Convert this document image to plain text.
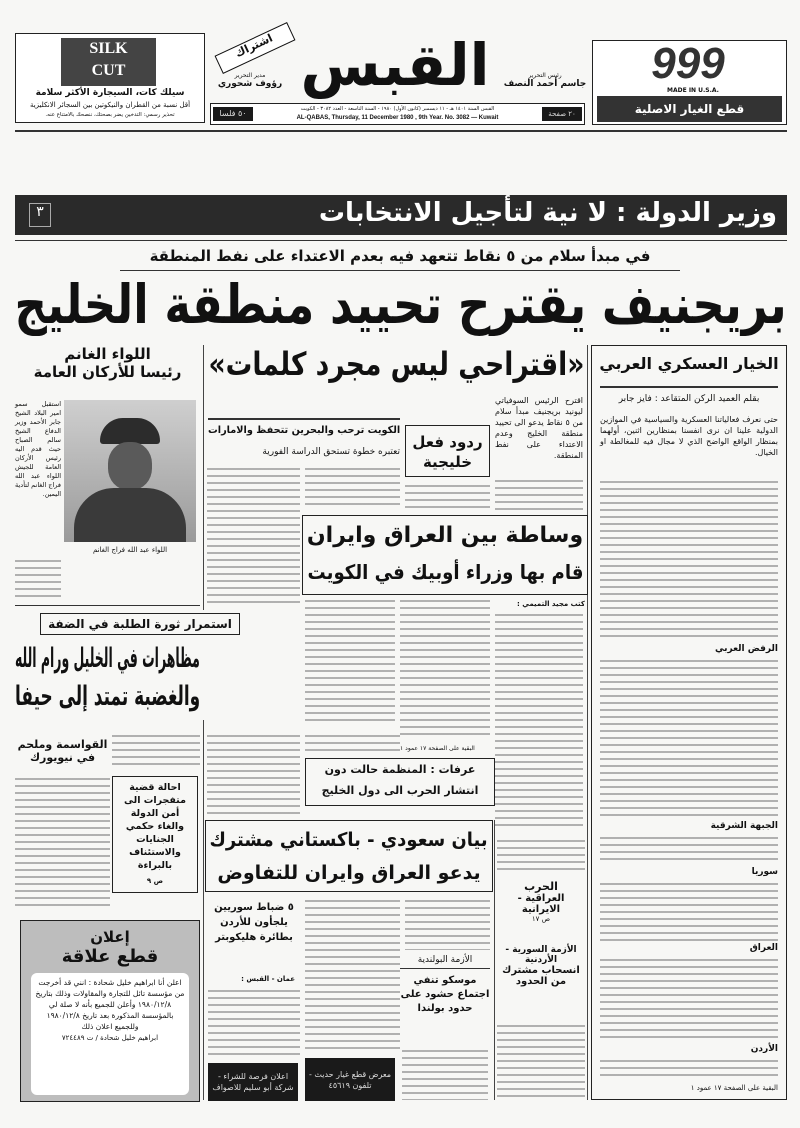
SILK
CUT
سيلك كات، السيجارة الأكثر سلامة
أقل نسبة من القطران والنيكوتين بين السجائر الانكليزية
تحذير رسمي: التدخين يضر بصحتك، ننصحك بالامتناع عنه.
اشتراك القبس
مدير التحرير
رؤوف شحوري
رئيس التحرير
جاسم أحمد النصف
٥٠ فلسا	٢٠ صفحة
القبس السنة ١٤٠١ هـ - ١١ ديسمبر (كانون الأول) ١٩٨٠ - السنة التاسعة - العدد ٣٠٨٢ - الكويت
AL-QABAS, Thursday, 11 December 1980 , 9th Year. No. 3082 — Kuwait
999
MADE IN U.S.A.
قطع الغيار الاصلية
وزير الدولة : لا نية لتأجيل الانتخابات
٣
في مبدأ سلام من ٥ نقاط تتعهد فيه بعدم الاعتداء على نفط المنطقة
بريجنيف يقترح تحييد منطقة الخليج
الخيار العسكري العربي
بقلم العميد الركن المتقاعد : فايز جابر
حتى نعرف فعالياتنا العسكرية والسياسية في الموازين الدولية علينا ان نرى انفسنا بمنظارين اثنين، أولهما بمنظار الواقع الواضح الذي لا مجال فيه للمغالطة او الخيال.
الرفض العربي
الجبهة الشرقية
سوريا
العراق
الأردن
البقية على الصفحة ١٧ عمود ١
«اقتراحي ليس مجرد كلمات»
اقترح الرئيس السوفياتي ليونيد بريجنيف مبدأ سلام من ٥ نقاط يدعو الى تحييد منطقة الخليج وعدم الاعتداء على نفط المنطقة.
ردود فعل خليجية
الكويت ترحب والبحرين تتحفظ والامارات
تعتبره خطوة تستحق الدراسة الفورية
وساطة بين العراق وايران
قام بها وزراء أوبيك في الكويت
كتب مجيد التميمي :
البقية على الصفحة ١٧ عمود ١
اللواء الغانم
رئيسا للأركان العامة
اللواء عبد الله فراج الغانم
استقبل سمو امير البلاد الشيخ جابر الأحمد وزير الدفاع الشيخ سالم الصباح حيث قدم اليه رئيس الأركان العامة للجيش اللواء عبد الله فراج الغانم لتأدية اليمين.
استمرار ثورة الطلبة في الضفة
مظاهرات في الخليل ورام الله
والغضبة تمتد إلى حيفا
القواسمة وملحم
في نيويورك
احالة قضية متفجرات الى أمن الدولة والغاء حكمي الجنايات والاستئناف بالبراءة
ص ٩
إعلان
قطع علاقة
اعلن أنا ابراهيم خليل شحادة : انني قد أخرجت من مؤسسة تائل للتجارة والمقاولات وذلك بتاريخ ١٩٨٠/١٢/٨ وأعلن للجميع بأنه لا صلة لي بالمؤسسة المذكورة بعد تاريخ ١٩٨٠/١٢/٨ وللجميع اعلان ذلك
ابراهيم خليل شحادة / ت ٧٢٤٤٨٩
عرفات : المنظمة حالت دون
انتشار الحرب الى دول الخليج
بيان سعودي - باكستاني مشترك
يدعو العراق وايران للتفاوض
٥ ضباط سوريين يلجأون للأردن بطائرة هليكوبتر
عمان - القبس :
اعلان فرصة للشراء - شركة أبو سليم للاصواف
معرض قطع غيار حديث - تلفون ٤٥٦١٩
الأزمة البولندية
موسكو تنفي اجتماع حشود على حدود بولندا
الحرب
العراقية - الايرانية
ص ١٧
الأزمة السورية - الأردنية
انسحاب مشترك
من الحدود
